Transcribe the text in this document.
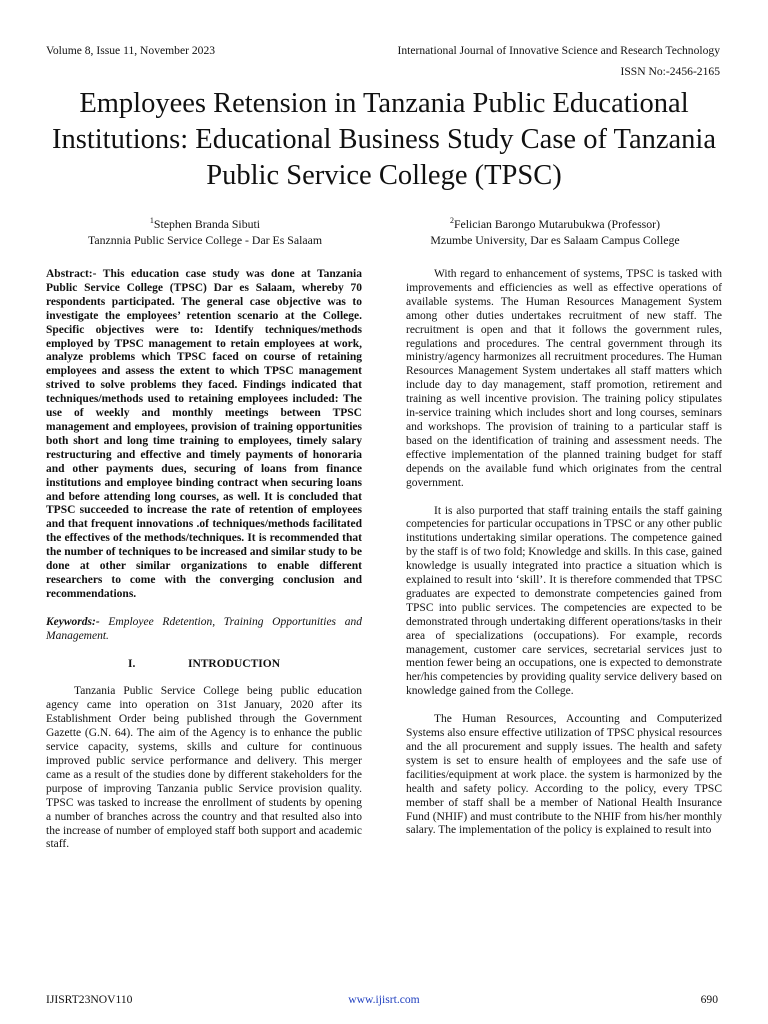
Volume 8, Issue 11, November 2023	International Journal of Innovative Science and Research Technology
ISSN No:-2456-2165
Employees Retension in Tanzania Public Educational Institutions: Educational Business Study Case of Tanzania Public Service College (TPSC)
$^1$Stephen Branda Sibuti
Tanznnia Public Service College - Dar Es Salaam
$^2$Felician Barongo Mutarubukwa (Professor)
Mzumbe University, Dar es Salaam Campus College

Abstract:- This education case study was done at Tanzania Public Service College (TPSC) Dar es Salaam, whereby 70 respondents participated. The general case objective was to investigate the employees’ retention scenario at the College. Specific objectives were to: Identify techniques/methods employed by TPSC management to retain employees at work, analyze problems which TPSC faced on course of retaining employees and assess the extent to which TPSC management strived to solve problems they faced. Findings indicated that techniques/methods used to retaining employees included: The use of weekly and monthly meetings between TPSC management and employees, provision of training opportunities both short and long time training to employees, timely salary restructuring and effective and timely payments of honoraria and other payments dues, securing of loans from finance institutions and employee binding contract when securing loans and before attending long courses, as well. It is concluded that TPSC succeeded to increase the rate of retention of employees and that frequent innovations .of techniques/methods facilitated the effectives of the methods/techniques. It is recommended that the number of techniques to be increased and similar study to be done at other similar organizations to enable different researchers to come with the converging conclusion and recommendations.

Keywords:- Employee Rdetention, Training Opportunities and Management.

I.	INTRODUCTION

Tanzania Public Service College being public education agency came into operation on 31st January, 2020 after its Establishment Order being published through the Government Gazette (G.N. 64). The aim of the Agency is to enhance the public service capacity, systems, skills and culture for continuous improved public service performance and delivery. This merger came as a result of the studies done by different stakeholders for the purpose of improving Tanzania public Service provision quality. TPSC was tasked to increase the enrollment of students by opening a number of branches across the country and that resulted also into the increase of number of employed staff both support and academic staff.

With regard to enhancement of systems, TPSC is tasked with improvements and efficiencies as well as effective operations of available systems. The Human Resources Management System among other duties undertakes recruitment of new staff. The recruitment is open and that it follows the government rules, regulations and procedures. The central government through its ministry/agency harmonizes all recruitment procedures. The Human Resources Management System undertakes all staff matters which include day to day management, staff promotion, retirement and training as well incentive provision. The training policy stipulates in-service training which includes short and long courses, seminars and workshops. The provision of training to a particular staff is based on the identification of training and assessment needs. The effective implementation of the planned training budget for staff depends on the available fund which originates from the central government.

It is also purported that staff training entails the staff gaining competencies for particular occupations in TPSC or any other public institutions undertaking similar operations. The competence gained by the staff is of two fold; Knowledge and skills. In this case, gained knowledge is usually integrated into practice a situation which is explained to result into ‘skill’. It is therefore commended that TPSC graduates are expected to demonstrate competencies gained from TPSC into public services. The competencies are expected to be demonstrated through undertaking different operations/tasks in their area of specializations (occupations). For example, records management, customer care services, secretarial services just to mention fewer being an occupations, one is expected to demonstrate her/his competencies by providing quality service delivery based on knowledge gained from the College.

The Human Resources, Accounting and Computerized Systems also ensure effective utilization of TPSC physical resources and the all procurement and supply issues. The health and safety system is set to ensure health of employees and the safe use of facilities/equipment at work place. the system is harmonized by the health and safety policy. According to the policy, every TPSC member of staff shall be a member of National Health Insurance Fund (NHIF) and must contribute to the NHIF from his/her monthly salary. The implementation of the policy is explained to result into

IJISRT23NOV110	www.ijisrt.com	690
